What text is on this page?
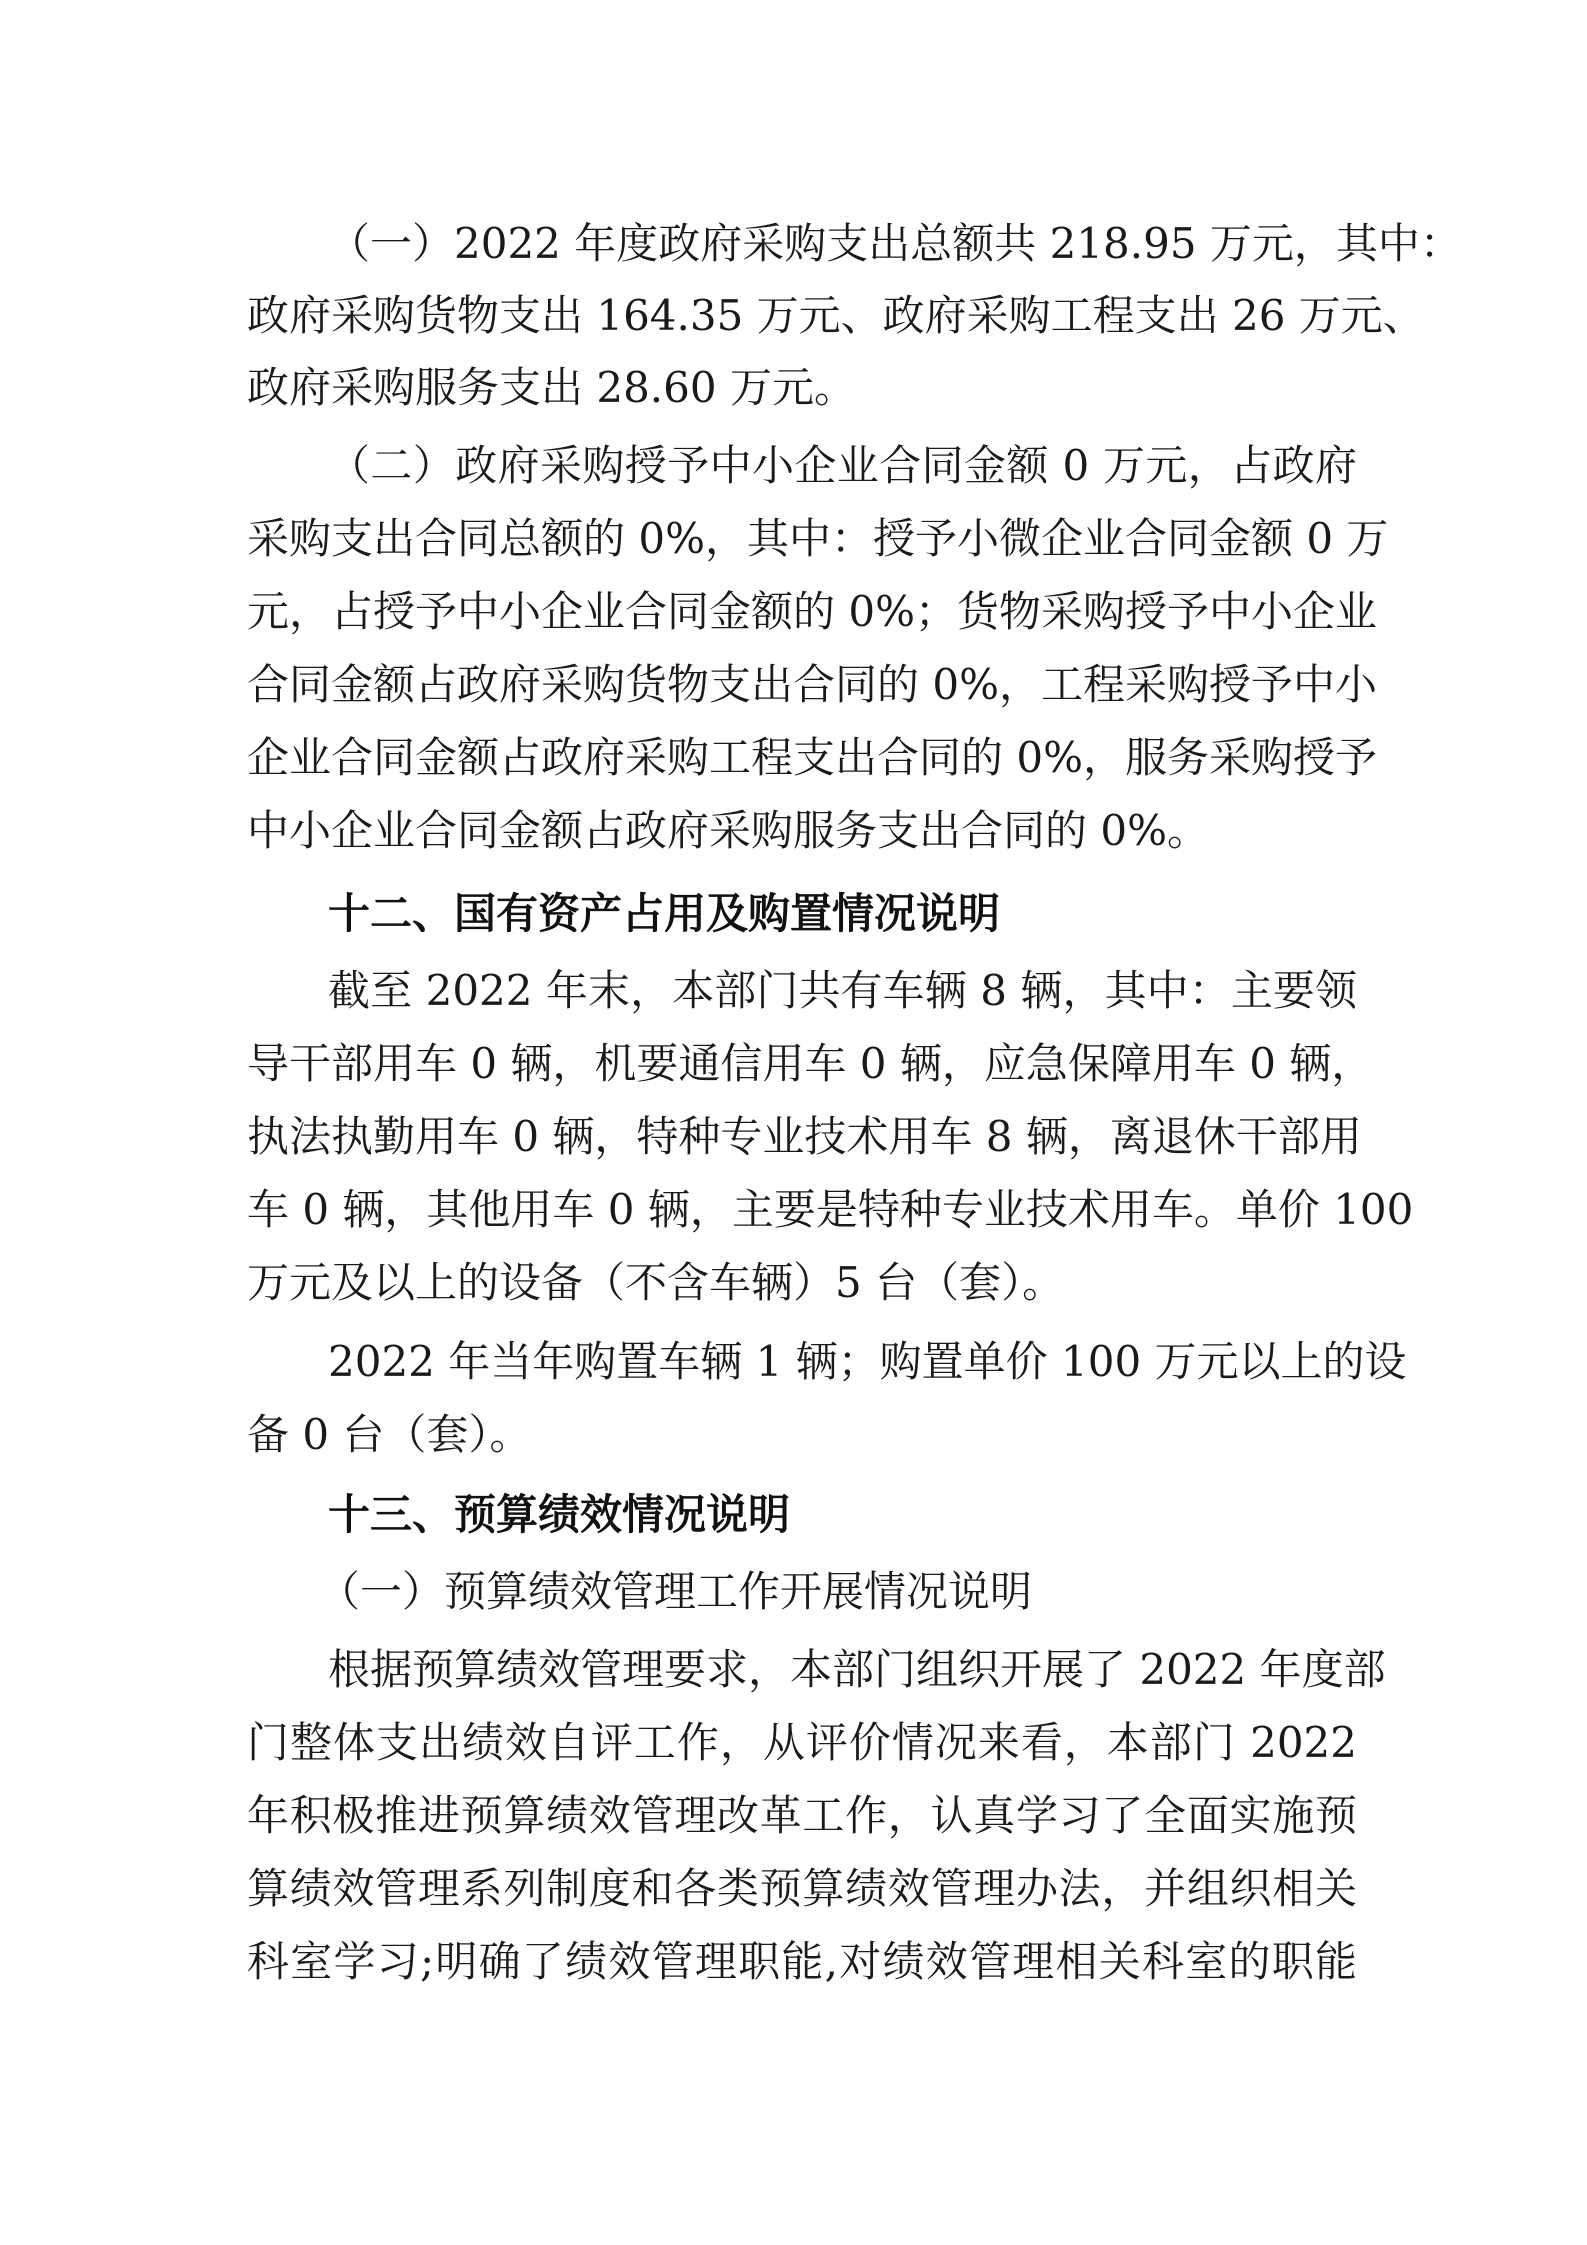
（一）2022 年度政府采购支出总额共 218.95 万元，其中：
政府采购货物支出 164.35 万元、政府采购工程支出 26 万元、
政府采购服务支出 28.60 万元。
（二）政府采购授予中小企业合同金额 0 万元，占政府
采购支出合同总额的 0%，其中：授予小微企业合同金额 0 万
元，占授予中小企业合同金额的 0%；货物采购授予中小企业
合同金额占政府采购货物支出合同的 0%，工程采购授予中小
企业合同金额占政府采购工程支出合同的 0%，服务采购授予
中小企业合同金额占政府采购服务支出合同的 0%。
十二、国有资产占用及购置情况说明
截至 2022 年末，本部门共有车辆 8 辆，其中：主要领
导干部用车 0 辆，机要通信用车 0 辆，应急保障用车 0 辆，
执法执勤用车 0 辆，特种专业技术用车 8 辆，离退休干部用
车 0 辆，其他用车 0 辆，主要是特种专业技术用车。单价 100
万元及以上的设备（不含车辆）5 台（套）。
2022 年当年购置车辆 1 辆；购置单价 100 万元以上的设
备 0 台（套）。
十三、预算绩效情况说明
（一）预算绩效管理工作开展情况说明
根据预算绩效管理要求，本部门组织开展了 2022 年度部
门整体支出绩效自评工作，从评价情况来看，本部门 2022
年积极推进预算绩效管理改革工作，认真学习了全面实施预
算绩效管理系列制度和各类预算绩效管理办法，并组织相关
科室学习;明确了绩效管理职能,对绩效管理相关科室的职能
